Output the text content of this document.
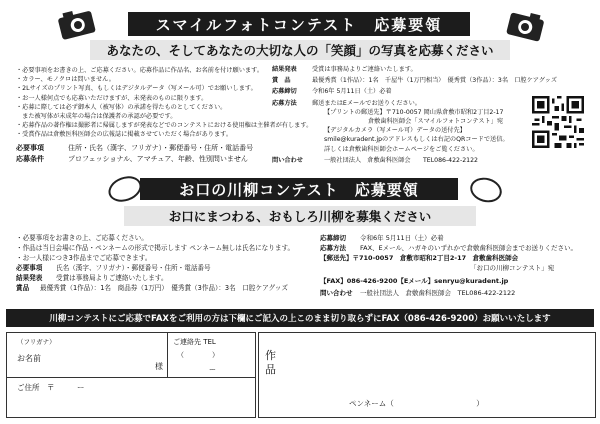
スマイルフォトコンテスト　応募要領
あなたの、そしてあなたの大切な人の「笑顔」の写真を応募ください
・必要事項をお書きの上、ご応募ください。応募作品に作品名、お名前を付け願います。
・カラー、モノクロは問いません。
・2Lサイズのプリント写真、もしくはデジタルデータ（写メール可）でお願いします。
・お一人様何点でも応募いただけますが、未発表のものに限ります。
・応募に際しては必ず御本人（被写体）の承諾を得たものとしてください。
　また被写体が未成年の場合は保護者の承認が必要です。
・応募作品の著作権は撮影者に帰属しますが発表などでのコンテストにおける使用権は主催者が有します。
・受賞作品は倉敷医科医師会の広報誌に掲載させていただく場合があります。
必要事項	住所・氏名（漢字、フリガナ）・郵便番号・住所・電話番号
応募条件	プロフェッショナル、アマチュア、年齢、性別問いません
結果発表	受賞は事務局よりご連絡いたします。
賞　品	最優秀賞（1作品）：1名　千屋牛（1万円相当）　優秀賞（3作品）：3名　口腔ケアグッズ
応募締切	令和6年 5月11日（土）必着
応募方法	郵送またはEメールでお送りください。
【プリントの郵送先】〒710-0057 岡山県倉敷市昭和2丁目2-17
倉敷歯科医師会「スマイルフォトコンテスト」宛
【デジタルカメラ（写メール可）データの送付先】
smile@kuradent.jpのアドレスもしくは右記のQRコードで送信。
詳しくは倉敷歯科医師会ホームページをご覧ください。
問い合わせ	一般社団法人　倉敷歯科医師会　　TEL086-422-2122
お口の川柳コンテスト　応募要領
お口にまつわる、おもしろ川柳を募集ください
・必要事項をお書きの上、ご応募ください。
・作品は当日会場に作品・ペンネームの形式で掲示します ペンネーム無しは氏名になります。
・お一人様につき3作品までご応募できます。
必要事項	氏名（漢字、フリガナ）・郵便番号・住所・電話番号
結果発表	受賞は事務局よりご連絡いたします。
賞品	最優秀賞（1作品）：1名　商品券（1万円）　優秀賞（3作品）：3名　口腔ケアグッズ
応募締切	令和6年 5月11日（土）必着
応募方法	FAX、Eメール、ハガキのいずれかで倉敷歯科医師会までお送りください。
【郵送先】〒710-0057　倉敷市昭和2丁目2-17　倉敷歯科医師会
「お口の川柳コンテスト」宛
【FAX】086-426-9200【Eメール】senryu@kuradent.jp
問い合わせ	一般社団法人　倉敷歯科医師会　TEL086-422-2122
川柳コンテストにご応募でFAXをご利用の方は下欄にご記入の上このまま切り取らずにFAX（086-426-9200）お願いいたします
（フリガナ）
お名前
様
ご連絡先 TEL
（　　　　）
ー
ご住所　〒　　　ー
作品
ペンネーム（　　　　　　　　　　　）
